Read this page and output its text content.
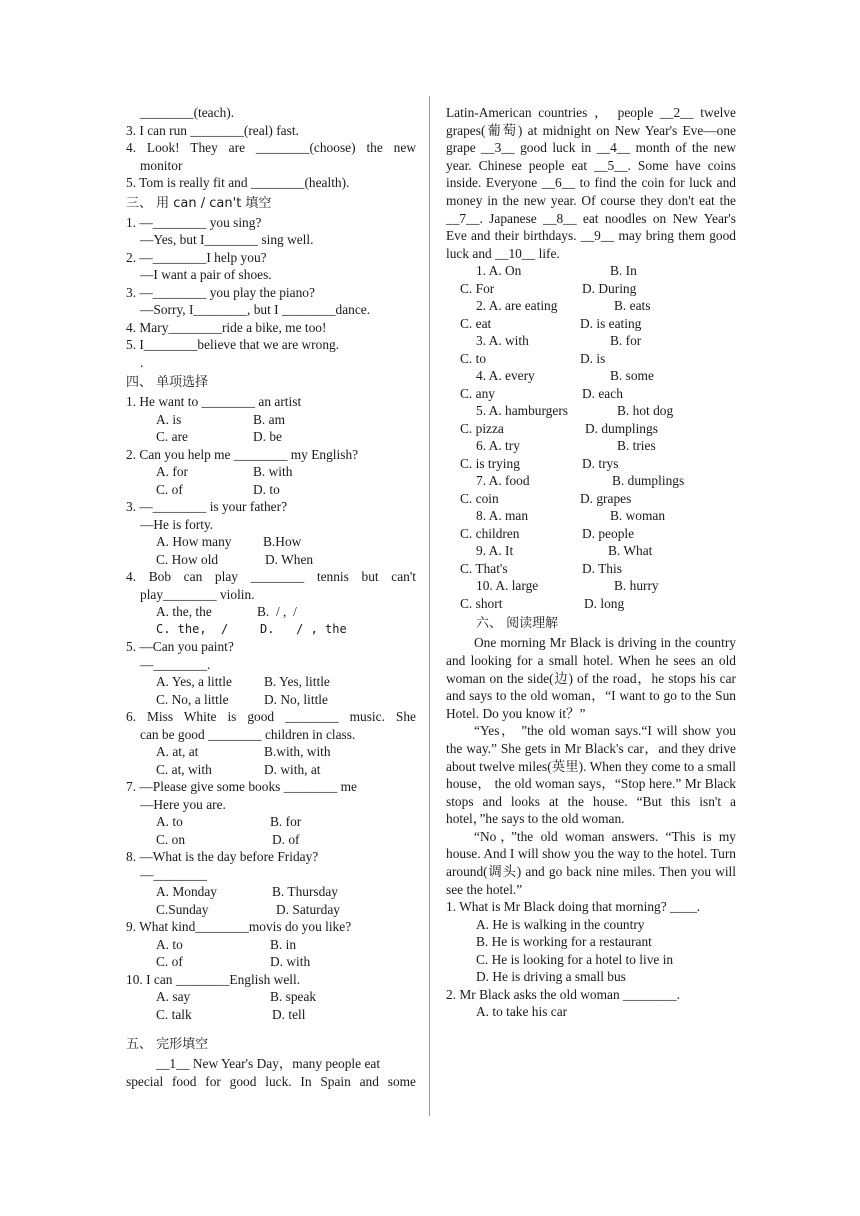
________(teach).
3. I can run ________(real) fast.
4. Look! They are ________(choose) the new
monitor
5. Tom is really fit and ________(health).
三、 用 can / can't 填空
1. —________ you sing?
—Yes, but I________ sing well.
2. —________I help you?
—I want a pair of shoes.
3. —________ you play the piano?
—Sorry, I________, but I ________dance.
4. Mary________ride a bike, me too!
5. I________believe that we are wrong.
.
四、 单项选择
1. He want to ________ an artist
A. is	B. am
C. are	D. be
2. Can you help me ________ my English?
A. for	B. with
C. of	D. to
3. —________ is your father?
—He is forty.
A. How many	B.How
C. How old	D. When
4. Bob can play ________ tennis but can't
play________ violin.
A. the, the	B.  / ,  /
C. the,  /	D.   / , the
5. —Can you paint?
—________.
A. Yes, a little	B. Yes, little
C. No, a little	D. No, little
6. Miss White is good ________ music. She
can be good ________ children in class.
A. at, at	B.with, with
C. at, with	D. with, at
7. —Please give some books ________ me
—Here you are.
A. to	B. for
C. on	D. of
8. —What is the day before Friday?
—________
A. Monday	B. Thursday
C.Sunday	D. Saturday
9. What kind________movis do you like?
A. to	B. in
C. of	D. with
10. I can ________English well.
A. say	B. speak
C. talk	D. tell
五、 完形填空
__1__ New Year's Day，many people eat
special food for good luck. In Spain and some
Latin-American countries ， people __2__ twelve grapes(葡萄) at midnight on New Year's Eve—one grape __3__ good luck in __4__ month of the new year. Chinese people eat __5__. Some have coins inside. Everyone __6__ to find the coin for luck and money in the new year. Of course they don't eat the __7__. Japanese __8__ eat noodles on New Year's Eve and their birthdays. __9__ may bring them good luck and __10__ life.
1. A. On	B. In
C. For	D. During
2. A. are eating	B. eats
C. eat	D. is eating
3. A. with	B. for
C. to	D. is
4. A. every	B. some
C. any	D. each
5. A. hamburgers	B. hot dog
C. pizza	D. dumplings
6. A. try	B. tries
C. is trying	D. trys
7. A. food	B. dumplings
C. coin	D. grapes
8. A. man	B. woman
C. children	D. people
9. A. It	B. What
C. That's	D. This
10. A. large	B. hurry
C. short	D. long
六、 阅读理解
One morning Mr Black is driving in the country and looking for a small hotel. When he sees an old woman on the side(边) of the road，he stops his car and says to the old woman，“I want to go to the Sun Hotel. Do you know it？”
“Yes， ”the old woman says.“I will show you the way.” She gets in Mr Black's car，and they drive about twelve miles(英里). When they come to a small house， the old woman says，“Stop here.” Mr Black stops and looks at the house. “But this isn't a hotel，”he says to the old woman.
“No，”the old woman answers. “This is my house. And I will show you the way to the hotel. Turn around(调头) and go back nine miles. Then you will see the hotel.”
1. What is Mr Black doing that morning? ____.
A. He is walking in the country
B. He is working for a restaurant
C. He is looking for a hotel to live in
D. He is driving a small bus
2. Mr Black asks the old woman ________.
A. to take his car
